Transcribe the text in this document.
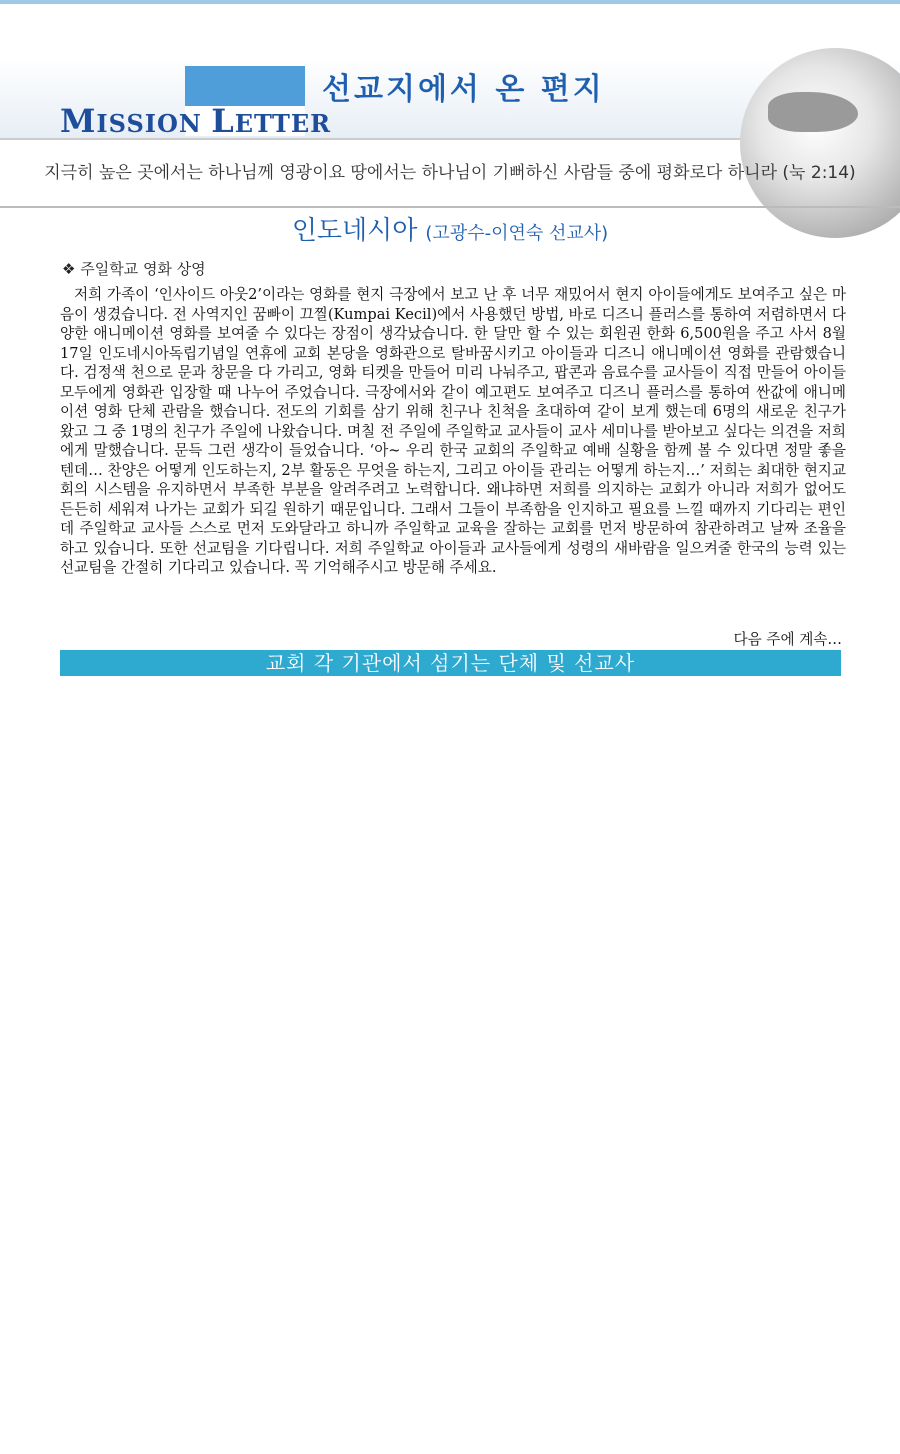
선교지에서 온 편지
MISSION LETTER
지극히 높은 곳에서는 하나님께 영광이요 땅에서는 하나님이 기뻐하신 사람들 중에 평화로다 하니라 (눅 2:14)
인도네시아 (고광수-이연숙 선교사)
❖ 주일학교 영화 상영
저희 가족이 ‘인사이드 아웃2’이라는 영화를 현지 극장에서 보고 난 후 너무 재밌어서 현지 아이들에게도 보여주고 싶은 마음이 생겼습니다. 전 사역지인 꿈빠이 끄찔(Kumpai Kecil)에서 사용했던 방법, 바로 디즈니 플러스를 통하여 저렴하면서 다양한 애니메이션 영화를 보여줄 수 있다는 장점이 생각났습니다. 한 달만 할 수 있는 회원권 한화 6,500원을 주고 사서 8월 17일 인도네시아독립기념일 연휴에 교회 본당을 영화관으로 탈바꿈시키고 아이들과 디즈니 애니메이션 영화를 관람했습니다. 검정색 천으로 문과 창문을 다 가리고, 영화 티켓을 만들어 미리 나눠주고, 팝콘과 음료수를 교사들이 직접 만들어 아이들 모두에게 영화관 입장할 때 나누어 주었습니다. 극장에서와 같이 예고편도 보여주고 디즈니 플러스를 통하여 싼값에 애니메이션 영화 단체 관람을 했습니다. 전도의 기회를 삼기 위해 친구나 친척을 초대하여 같이 보게 했는데 6명의 새로운 친구가 왔고 그 중 1명의 친구가 주일에 나왔습니다. 며칠 전 주일에 주일학교 교사들이 교사 세미나를 받아보고 싶다는 의견을 저희에게 말했습니다. 문득 그런 생각이 들었습니다. ‘아~ 우리 한국 교회의 주일학교 예배 실황을 함께 볼 수 있다면 정말 좋을텐데… 찬양은 어떻게 인도하는지, 2부 활동은 무엇을 하는지, 그리고 아이들 관리는 어떻게 하는지…’ 저희는 최대한 현지교회의 시스템을 유지하면서 부족한 부분을 알려주려고 노력합니다. 왜냐하면 저희를 의지하는 교회가 아니라 저희가 없어도 든든히 세워져 나가는 교회가 되길 원하기 때문입니다. 그래서 그들이 부족함을 인지하고 필요를 느낄 때까지 기다리는 편인데 주일학교 교사들 스스로 먼저 도와달라고 하니까 주일학교 교육을 잘하는 교회를 먼저 방문하여 참관하려고 날짜 조율을 하고 있습니다. 또한 선교팀을 기다립니다. 저희 주일학교 아이들과 교사들에게 성령의 새바람을 일으켜줄 한국의 능력 있는 선교팀을 간절히 기다리고 있습니다. 꼭 기억해주시고 방문해 주세요.
다음 주에 계속…
교회 각 기관에서 섬기는 단체 및 선교사
